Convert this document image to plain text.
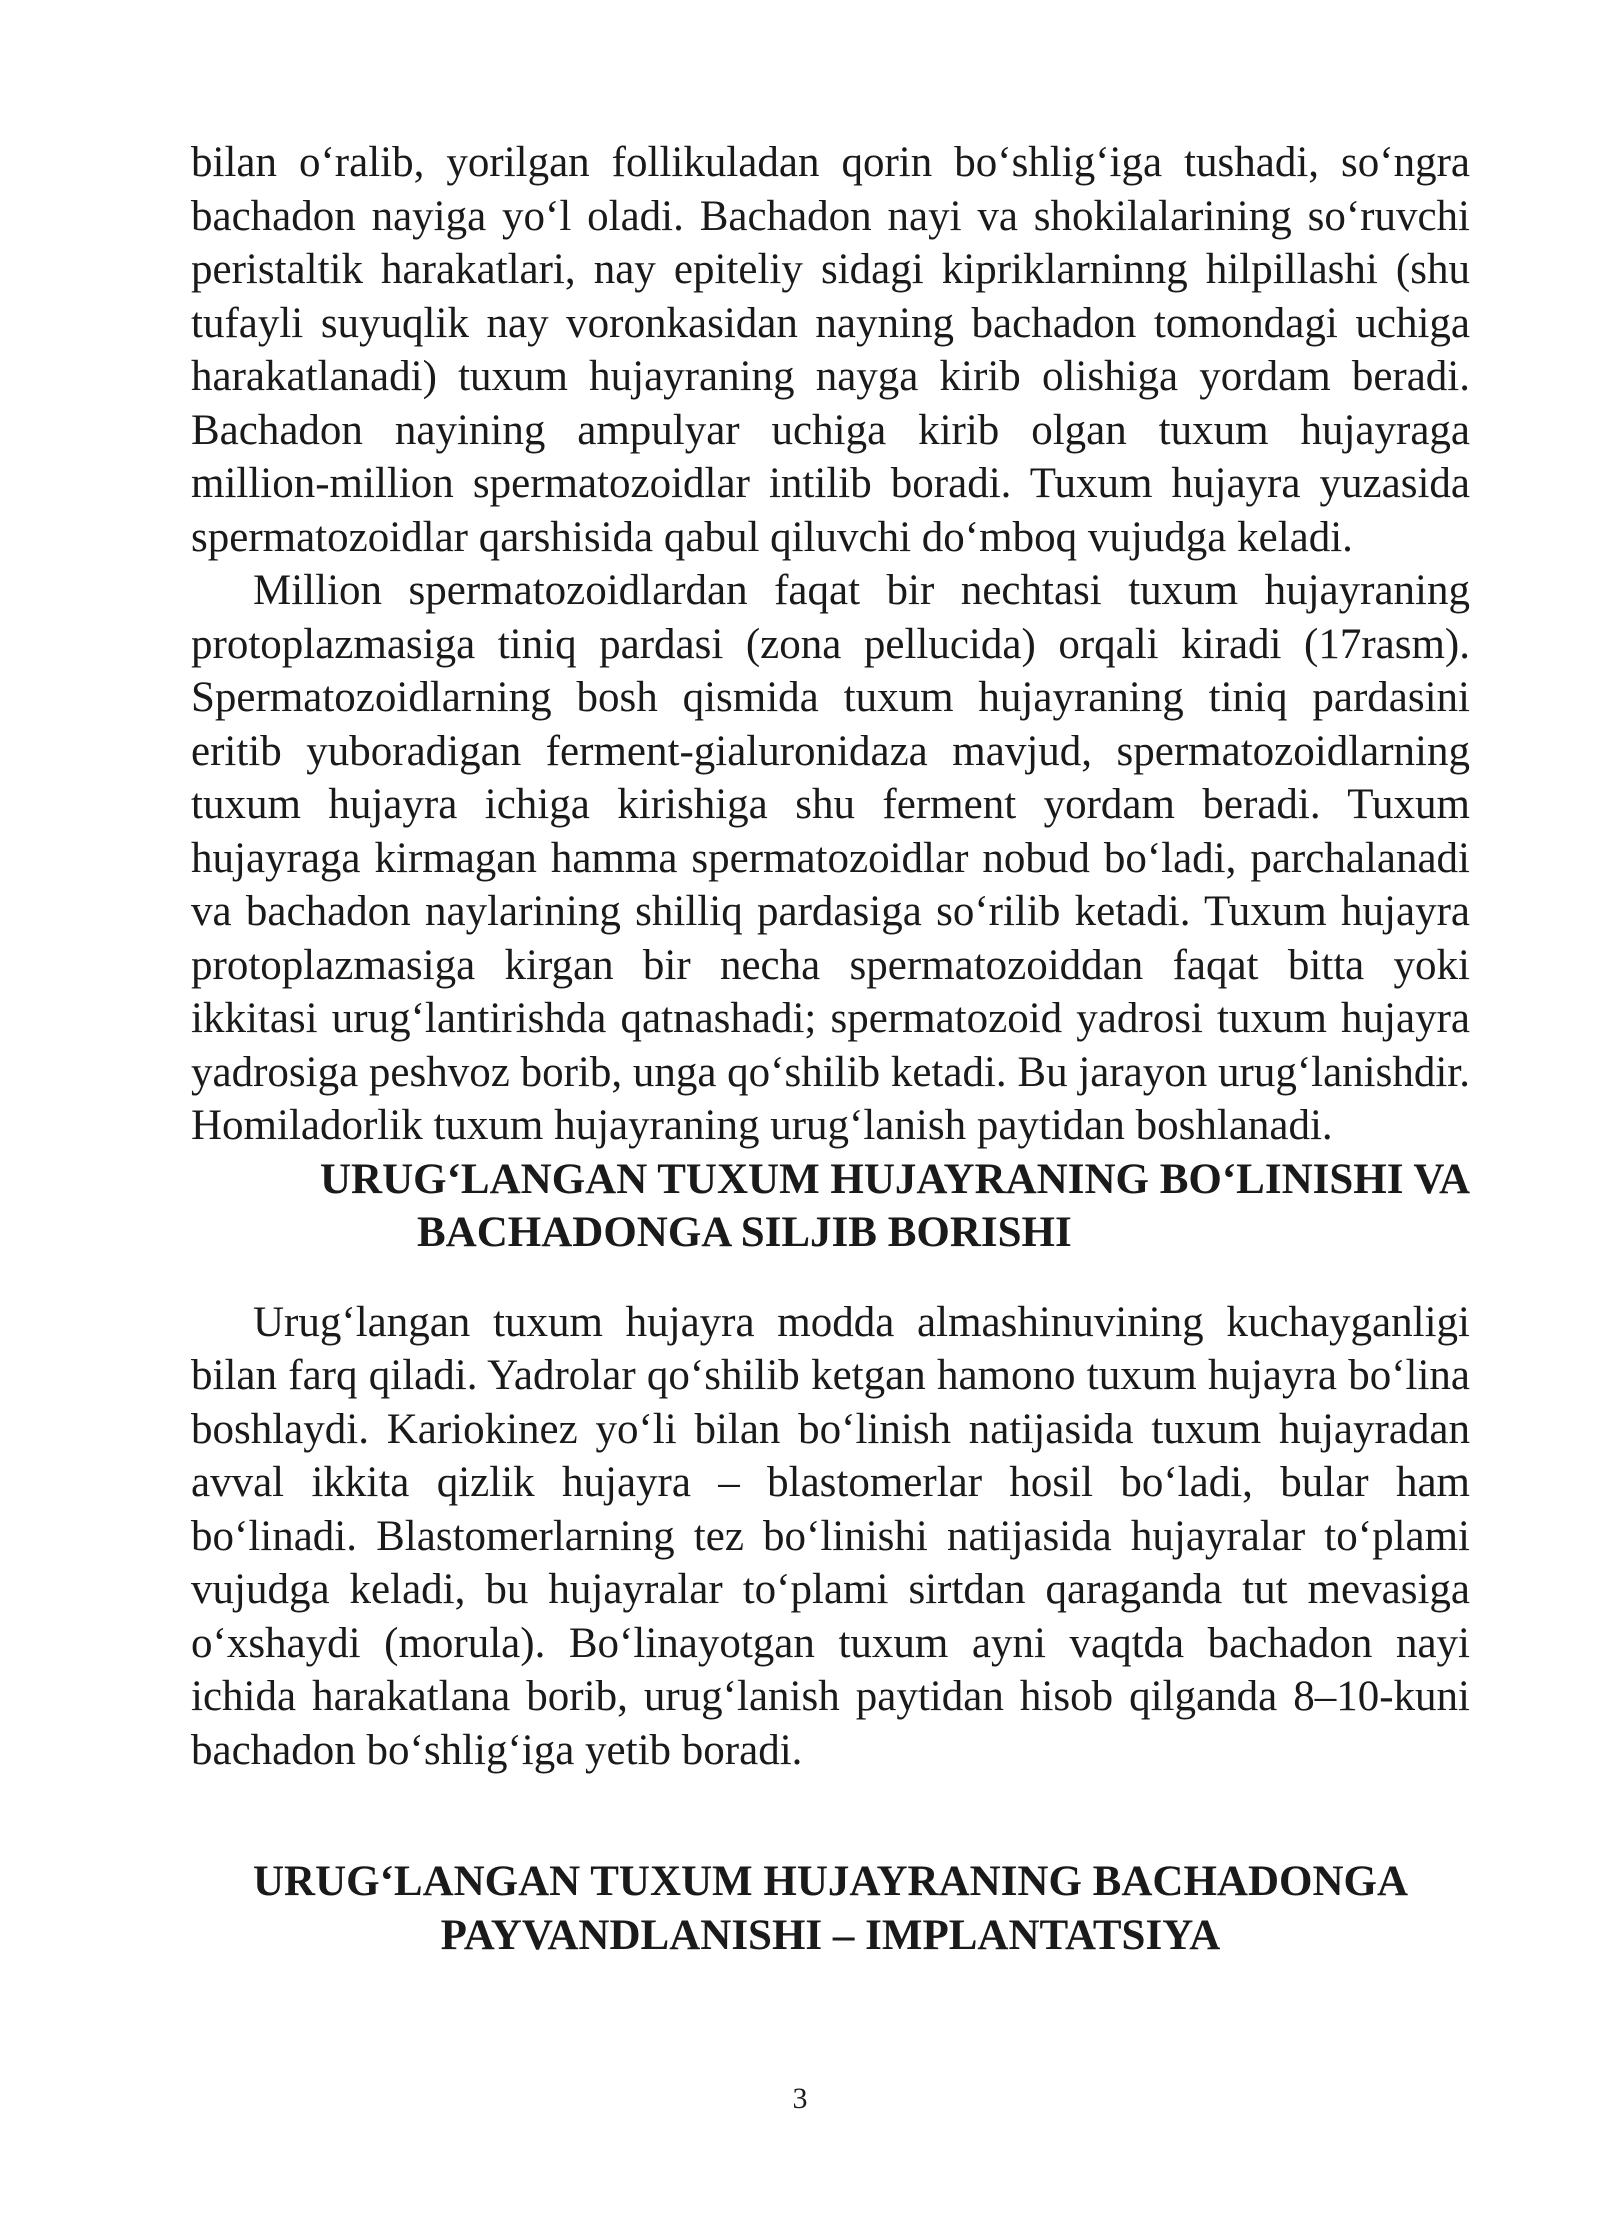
bilan o‘ralib, yorilgan follikuladan qorin bo‘shlig‘iga tushadi, so‘ngra bachadon nayiga yo‘l oladi. Bachadon nayi va shokilalarining so‘ruvchi peristaltik harakatlari, nay epiteliy sidagi kipriklarninng hilpillashi (shu tufayli suyuqlik nay voronkasidan nayning bachadon tomondagi uchiga harakatlanadi) tuxum hujayraning nayga kirib olishiga yordam beradi. Bachadon nayining ampulyar uchiga kirib olgan tuxum hujayraga million-million spermatozoidlar intilib boradi. Tuxum hujayra yuzasida spermatozoidlar qarshisida qabul qiluvchi do‘mboq vujudga keladi.

Million spermatozoidlardan faqat bir nechtasi tuxum hujayraning protoplazmasiga tiniq pardasi (zona pellucida) orqali kiradi (17rasm). Spermatozoidlarning bosh qismida tuxum hujayraning tiniq pardasini eritib yuboradigan ferment-gialuronidaza mavjud, spermatozoidlarning tuxum hujayra ichiga kirishiga shu ferment yordam beradi. Tuxum hujayraga kirmagan hamma spermatozoidlar nobud bo‘ladi, parchalanadi va bachadon naylarining shilliq pardasiga so‘rilib ketadi. Tuxum hujayra protoplazmasiga kirgan bir necha spermatozoiddan faqat bitta yoki ikkitasi urug‘lantirishda qatnashadi; spermatozoid yadrosi tuxum hujayra yadrosiga peshvoz borib, unga qo‘shilib ketadi. Bu jarayon urug‘lanishdir. Homiladorlik tuxum hujayraning urug‘lanish paytidan boshlanadi.

URUG‘LANGAN TUXUM HUJAYRANING BO‘LINISHI VA
BACHADONGA SILJIB BORISHI

Urug‘langan tuxum hujayra modda almashinuvining kuchayganligi bilan farq qiladi. Yadrolar qo‘shilib ketgan hamono tuxum hujayra bo‘lina boshlaydi. Kariokinez yo‘li bilan bo‘linish natijasida tuxum hujayradan avval ikkita qizlik hujayra – blastomerlar hosil bo‘ladi, bular ham bo‘linadi. Blastomerlarning tez bo‘linishi natijasida hujayralar to‘plami vujudga keladi, bu hujayralar to‘plami sirtdan qaraganda tut mevasiga o‘xshaydi (morula). Bo‘linayotgan tuxum ayni vaqtda bachadon nayi ichida harakatlana borib, urug‘lanish paytidan hisob qilganda 8–10-kuni bachadon bo‘shlig‘iga yetib boradi.

URUG‘LANGAN TUXUM HUJAYRANING BACHADONGA
PAYVANDLANISHI – IMPLANTATSIYA
3
